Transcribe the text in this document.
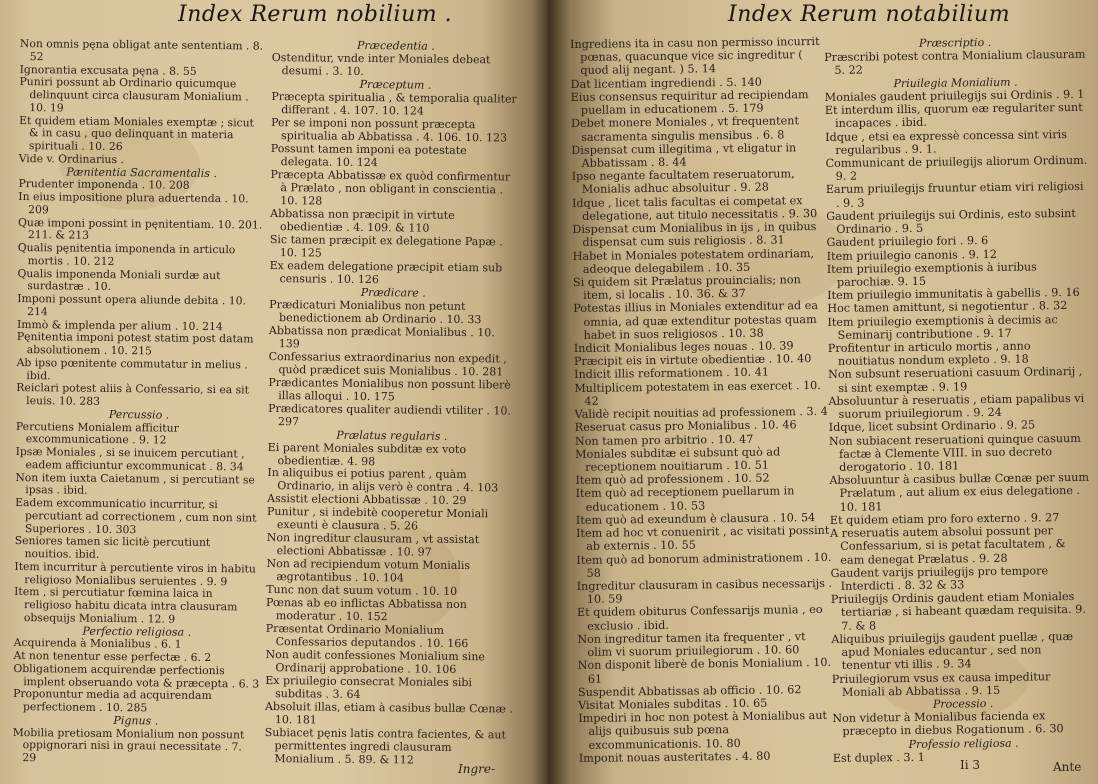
Index Rerum nobilium .

Non omnis pęna obligat ante sententiam . 8. 52

Ignorantia excusata pęna . 8. 55

Puniri possunt ab Ordinario quicumque delinquunt circa clausuram Monialium . 10. 19

Et quidem etiam Moniales exemptæ ; sicut & in casu , quo delinquant in materia spirituali . 10. 26

Vide v. Ordinarius .

Pænitentia Sacramentalis .

Prudenter imponenda . 10. 208

In eius impositione plura aduertenda . 10. 209

Quæ imponi possint in pęnitentiam. 10. 201. 211. & 213

Qualis pęnitentia imponenda in articulo mortis . 10. 212

Qualis imponenda Moniali surdæ aut surdastræ . 10.

Imponi possunt opera aliunde debita . 10. 214

Immò & implenda per alium . 10. 214

Pęnitentia imponi potest statim post datam absolutionem . 10. 215

Ab ipso pœnitente commutatur in melius . ibid.

Reiclari potest aliis à Confessario, si ea sit leuis. 10. 283

Percussio .

Percutiens Monialem afficitur excommunicatione . 9. 12

Ipsæ Moniales , si se inuicem percutiant , eadem afficiuntur excommunicat . 8. 34

Non item iuxta Caietanum , si percutiant se ipsas . ibid.

Eadem excommunicatio incurritur, si percutiant ad correctionem , cum non sint Superiores . 10. 303

Seniores tamen sic licitè percutiunt nouitios. ibid.

Item incurritur à percutiente viros in habitu religioso Monialibus seruientes . 9. 9

Item , si percutiatur fœmina laica in religioso habitu dicata intra clausuram obsequijs Monialium . 12. 9

Perfectio religiosa .

Acquirenda à Monialibus . 6. 1

At non tenentur esse perfectæ . 6. 2

Obligationem acquirendæ perfectionis implent obseruando vota & præcepta . 6. 3

Proponuntur media ad acquirendam perfectionem . 10. 285

Pignus .

Mobilia pretiosam Monialium non possunt oppignorari nisi in graui necessitate . 7. 29

Præcedentia .

Ostenditur, vnde inter Moniales debeat desumi . 3. 10.

Præceptum .

Præcepta spiritualia , & temporalia qualiter differant . 4. 107. 10. 124

Per se imponi non possunt præcepta spiritualia ab Abbatissa . 4. 106. 10. 123

Possunt tamen imponi ea potestate delegata. 10. 124

Præcepta Abbatissæ ex quòd confirmentur à Prælato , non obligant in conscientia . 10. 128

Abbatissa non præcipit in virtute obedientiæ . 4. 109. & 110

Sic tamen præcipit ex delegatione Papæ . 10. 125

Ex eadem delegatione præcipit etiam sub censuris . 10. 126

Prædicare .

Prædicaturi Monialibus non petunt benedictionem ab Ordinario . 10. 33

Abbatissa non prædicat Monialibus . 10. 139

Confessarius extraordinarius non expedit , quòd prædicet suis Monialibus . 10. 281

Prædicantes Monialibus non possunt liberè illas alloqui . 10. 175

Prædicatores qualiter audiendi vtiliter . 10. 297

Prælatus regularis .

Ei parent Moniales subditæ ex voto obedientiæ. 4. 98

In aliquibus ei potius parent , quàm Ordinario, in alijs verò è contra . 4. 103

Assistit electioni Abbatissæ . 10. 29

Punitur , si indebitè cooperetur Moniali exeunti è clausura . 5. 26

Non ingreditur clausuram , vt assistat electioni Abbatissæ . 10. 97

Non ad recipiendum votum Monialis ægrotantibus . 10. 104

Tunc non dat suum votum . 10. 10

Pœnas ab eo inflictas Abbatissa non moderatur . 10. 152

Præsentat Ordinario Monialium Confessarios deputandos . 10. 166

Non audit confessiones Monialium sine Ordinarij approbatione . 10. 106

Ex priuilegio consecrat Moniales sibi subditas . 3. 64

Absoluit illas, etiam à casibus bullæ Cœnæ . 10. 181

Subiacet pęnis latis contra facientes, & aut permittentes ingredi clausuram Monialium . 5. 89. & 112

Ingre-
Index Rerum notabilium

Ingrediens ita in casu non permisso incurrit pœnas, quacunque vice sic ingreditur ( quod alij negant. ) 5. 14

Dat licentiam ingrediendi . 5. 140

Eius consensus requiritur ad recipiendam puellam in educationem . 5. 179

Debet monere Moniales , vt frequentent sacramenta singulis mensibus . 6. 8

Dispensat cum illegitima , vt eligatur in Abbatissam . 8. 44

Ipso negante facultatem reseruatorum, Monialis adhuc absoluitur . 9. 28

Idque , licet talis facultas ei competat ex delegatione, aut titulo necessitatis . 9. 30

Dispensat cum Monialibus in ijs , in quibus dispensat cum suis religiosis . 8. 31

Habet in Moniales potestatem ordinariam, adeoque delegabilem . 10. 35

Si quidem sit Prælatus prouincialis; non item, si localis . 10. 36. & 37

Potestas illius in Moniales extenditur ad ea omnia, ad quæ extenditur potestas quam habet in suos religiosos . 10. 38

Indicit Monialibus leges nouas . 10. 39

Præcipit eis in virtute obedientiæ . 10. 40

Indicit illis reformationem . 10. 41

Multiplicem potestatem in eas exercet . 10. 42

Validè recipit nouitias ad professionem . 3. 4

Reseruat casus pro Monialibus . 10. 46

Non tamen pro arbitrio . 10. 47

Moniales subditæ ei subsunt quò ad receptionem nouitiarum . 10. 51

Item quò ad professionem . 10. 52

Item quò ad receptionem puellarum in educationem . 10. 53

Item quò ad exeundum è clausura . 10. 54

Item ad hoc vt conuenirit , ac visitati possint ab externis . 10. 55

Item quò ad bonorum administrationem . 10. 58

Ingreditur clausuram in casibus necessarijs . 10. 59

Et quidem obiturus Confessarijs munia , eo exclusio . ibid.

Non ingreditur tamen ita frequenter , vt olim vi suorum priuilegiorum . 10. 60

Non disponit liberè de bonis Monialium . 10. 61

Suspendit Abbatissas ab officio . 10. 62

Visitat Moniales subditas . 10. 65

Impediri in hoc non potest à Monialibus aut alijs quibusuis sub pœna excommunicationis. 10. 80

Imponit nouas austeritates . 4. 80

Præscriptio .

Præscribi potest contra Monialium clausuram 5. 22

Priuilegia Monialium .

Moniales gaudent priuilegijs sui Ordinis . 9. 1

Et interdum illis, quorum eæ regulariter sunt incapaces . ibid.

Idque , etsi ea expressè concessa sint viris regularibus . 9. 1.

Communicant de priuilegijs aliorum Ordinum. 9. 2

Earum priuilegijs fruuntur etiam viri religiosi . 9. 3

Gaudent priuilegijs sui Ordinis, esto subsint Ordinario . 9. 5

Gaudent priuilegio fori . 9. 6

Item priuilegio canonis . 9. 12

Item priuilegio exemptionis à iuribus parochiæ. 9. 15

Item priuilegio immunitatis à gabellis . 9. 16

Hoc tamen amittunt, si negotientur . 8. 32

Item priuilegio exemptionis à decimis ac Seminarij contributione . 9. 17

Profitentur in articulo mortis , anno nouitiatus nondum expleto . 9. 18

Non subsunt reseruationi casuum Ordinarij , si sint exemptæ . 9. 19

Absoluuntur à reseruatis , etiam papalibus vi suorum priuilegiorum . 9. 24

Idque, licet subsint Ordinario . 9. 25

Non subiacent reseruationi quinque casuum factæ à Clemente VIII. in suo decreto derogatorio . 10. 181

Absoluuntur à casibus bullæ Cœnæ per suum Prælatum , aut alium ex eius delegatione . 10. 181

Et quidem etiam pro foro externo . 9. 27

A reseruatis autem absolui possunt per Confessarium, si is petat facultatem , & eam denegat Prælatus . 9. 28

Gaudent varijs priuilegijs pro tempore Interdicti . 8. 32 & 33

Priuilegijs Ordinis gaudent etiam Moniales tertiariæ , si habeant quædam requisita. 9. 7. & 8

Aliquibus priuilegijs gaudent puellæ , quæ apud Moniales educantur , sed non tenentur vti illis . 9. 34

Priuilegiorum vsus ex causa impeditur Moniali ab Abbatissa . 9. 15

Processio .

Non videtur à Monialibus facienda ex præcepto in diebus Rogationum . 6. 30

Professio religiosa .

Est duplex . 3. 1

Ii 3	Ante
